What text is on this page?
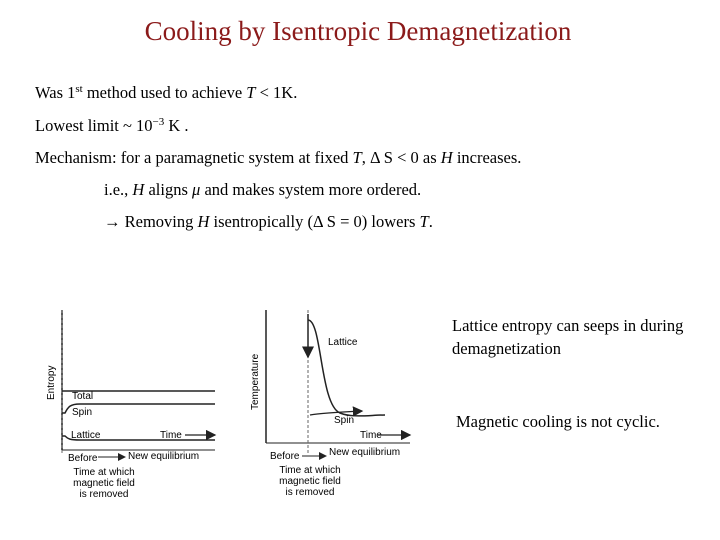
Cooling by Isentropic Demagnetization
Was 1st method used to achieve T < 1K.
Lowest limit ~ $10^{-3}$ K .
Mechanism: for a paramagnetic system at fixed T, Δ S < 0 as H increases.
i.e., H aligns μ and makes system more ordered.
→ Removing H isentropically (Δ S = 0) lowers T.
Lattice entropy can seeps in during demagnetization
Magnetic cooling is not cyclic.
Entropy Total
Spin
Lattice	Time
Before	New equilibrium
Time at which
magnetic field
is removed
Temperature
Lattice
Spin
Time
Before	New equilibrium
Time at which
magnetic field
is removed
